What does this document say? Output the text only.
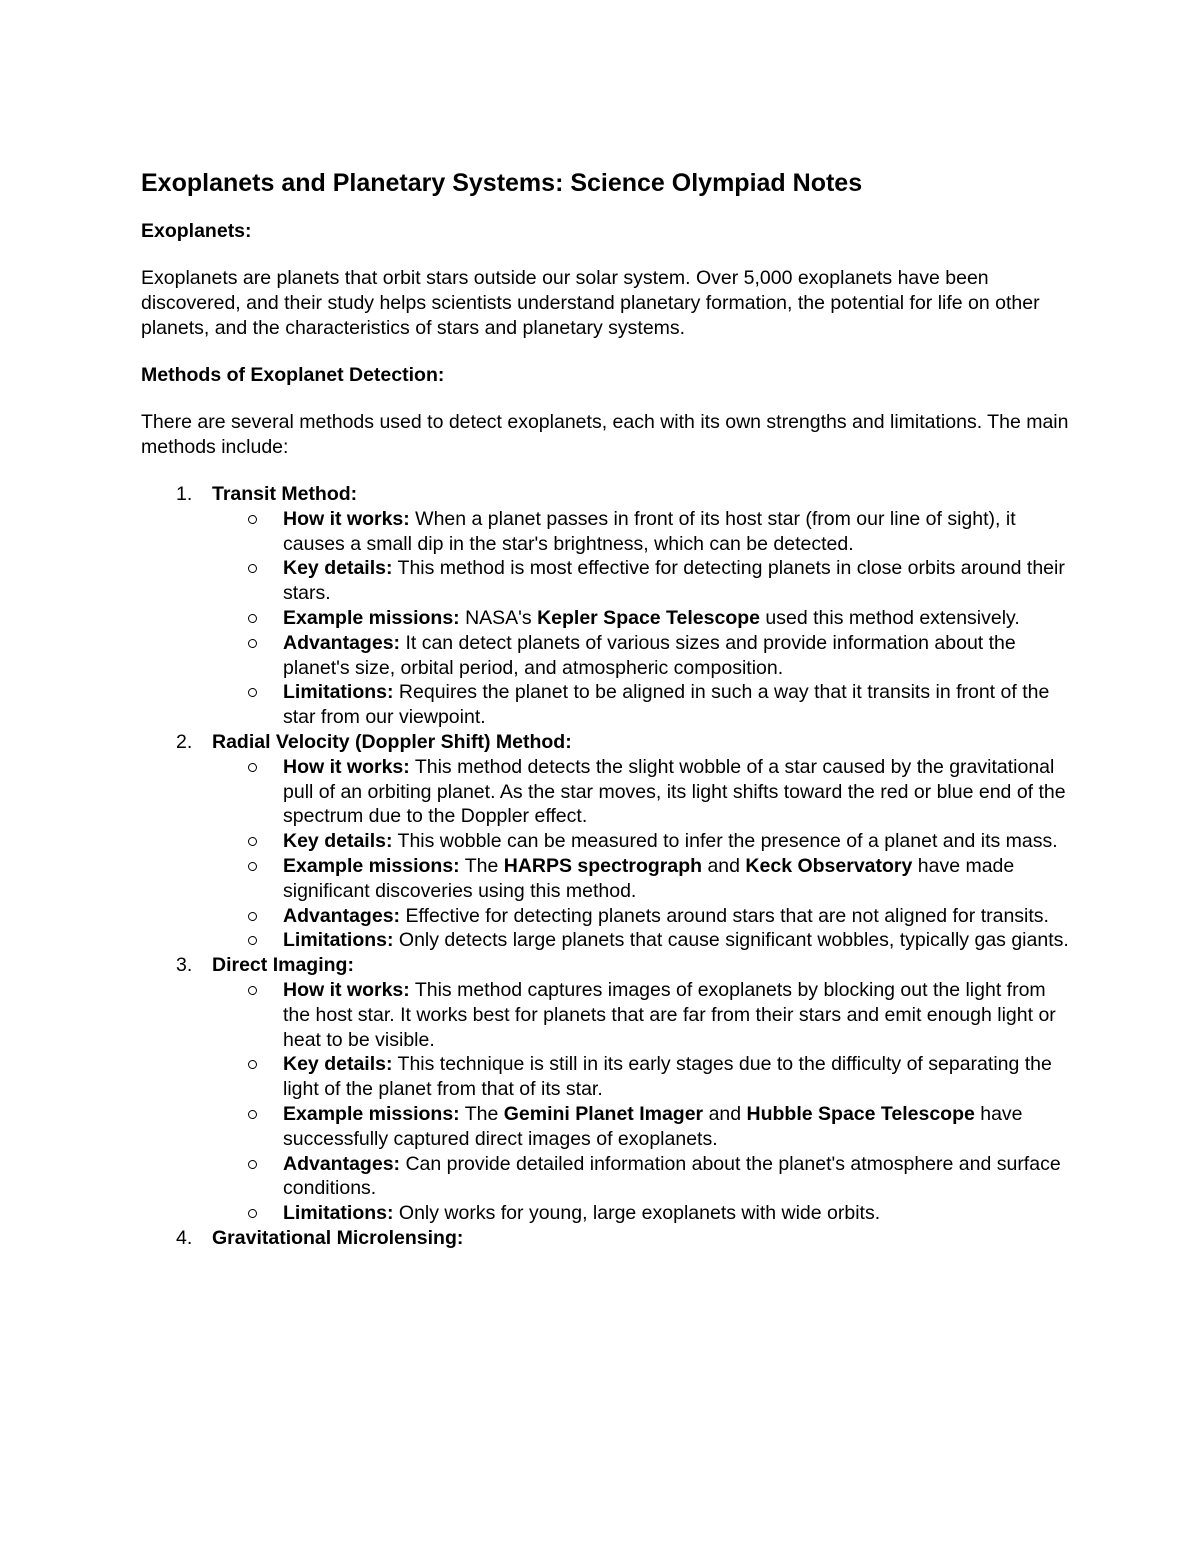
Exoplanets and Planetary Systems: Science Olympiad Notes
Exoplanets:

Exoplanets are planets that orbit stars outside our solar system. Over 5,000 exoplanets have been discovered, and their study helps scientists understand planetary formation, the potential for life on other planets, and the characteristics of stars and planetary systems.

Methods of Exoplanet Detection:

There are several methods used to detect exoplanets, each with its own strengths and limitations. The main methods include:

1. Transit Method:
How it works: When a planet passes in front of its host star (from our line of sight), it causes a small dip in the star's brightness, which can be detected.
Key details: This method is most effective for detecting planets in close orbits around their stars.
Example missions: NASA's Kepler Space Telescope used this method extensively.
Advantages: It can detect planets of various sizes and provide information about the planet's size, orbital period, and atmospheric composition.
Limitations: Requires the planet to be aligned in such a way that it transits in front of the star from our viewpoint.
2. Radial Velocity (Doppler Shift) Method:
How it works: This method detects the slight wobble of a star caused by the gravitational pull of an orbiting planet. As the star moves, its light shifts toward the red or blue end of the spectrum due to the Doppler effect.
Key details: This wobble can be measured to infer the presence of a planet and its mass.
Example missions: The HARPS spectrograph and Keck Observatory have made significant discoveries using this method.
Advantages: Effective for detecting planets around stars that are not aligned for transits.
Limitations: Only detects large planets that cause significant wobbles, typically gas giants.
3. Direct Imaging:
How it works: This method captures images of exoplanets by blocking out the light from the host star. It works best for planets that are far from their stars and emit enough light or heat to be visible.
Key details: This technique is still in its early stages due to the difficulty of separating the light of the planet from that of its star.
Example missions: The Gemini Planet Imager and Hubble Space Telescope have successfully captured direct images of exoplanets.
Advantages: Can provide detailed information about the planet's atmosphere and surface conditions.
Limitations: Only works for young, large exoplanets with wide orbits.
4. Gravitational Microlensing:
